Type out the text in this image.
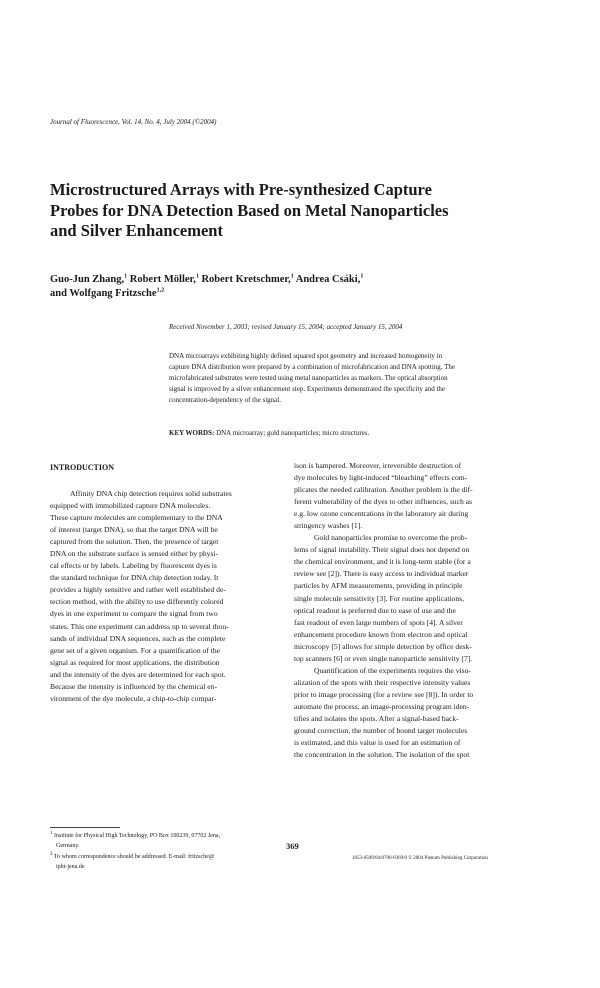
Journal of Fluorescence, Vol. 14, No. 4, July 2004 (©2004)
Microstructured Arrays with Pre-synthesized Capture
Probes for DNA Detection Based on Metal Nanoparticles
and Silver Enhancement
Guo-Jun Zhang,$^1$ Robert Möller,$^1$ Robert Kretschmer,$^1$ Andrea Csáki,$^1$
and Wolfgang Fritzsche$^{1,2}$
Received November 1, 2003; revised January 15, 2004; accepted January 15, 2004
DNA microarrays exhibiting highly defined squared spot geometry and increased homogeneity in
capture DNA distribution were prepared by a combination of microfabrication and DNA spotting. The
microfabricated substrates were tested using metal nanoparticles as markers. The optical absorption
signal is improved by a silver enhancement step. Experiments demonstrated the specificity and the
concentration-dependency of the signal.
KEY WORDS: DNA microarray; gold nanoparticles; micro structures.
INTRODUCTION
Affinity DNA chip detection requires solid substrates
equipped with immobilized capture DNA molecules.
These capture molecules are complementary to the DNA
of interest (target DNA), so that the target DNA will be
captured from the solution. Then, the presence of target
DNA on the substrate surface is sensed either by physi-
cal effects or by labels. Labeling by fluorescent dyes is
the standard technique for DNA chip detection today. It
provides a highly sensitive and rather well established de-
tection method, with the ability to use differently colored
dyes in one experiment to compare the signal from two
states. This one experiment can address up to several thou-
sands of individual DNA sequences, such as the complete
gene set of a given organism. For a quantification of the
signal as required for most applications, the distribution
and the intensity of the dyes are determined for each spot.
Because the intensity is influenced by the chemical en-
vironment of the dye molecule, a chip-to-chip compar-
ison is hampered. Moreover, irreversible destruction of
dye molecules by light-induced “bleaching” effects com-
plicates the needed calibration. Another problem is the dif-
ferent vulnerability of the dyes to other influences, such as
e.g. low ozone concentrations in the laboratory air during
stringency washes [1].
Gold nanoparticles promise to overcome the prob-
lems of signal instability. Their signal does not depend on
the chemical environment, and it is long-term stable (for a
review see [2]). There is easy access to individual marker
particles by AFM measurements, providing in principle
single molecule sensitivity [3]. For routine applications,
optical readout is preferred due to ease of use and the
fast readout of even large numbers of spots [4]. A silver
enhancement procedure known from electron and optical
microscopy [5] allows for simple detection by office desk-
top scanners [6] or even single nanoparticle sensitivity [7].
Quantification of the experiments requires the visu-
alization of the spots with their respective intensity values
prior to image processing (for a review see [8]). In order to
automate the process, an image-processing program iden-
tifies and isolates the spots. After a signal-based back-
ground correction, the number of bound target molecules
is estimated, and this value is used for an estimation of
the concentration in the solution. The isolation of the spot
$^1$ Institute for Physical High Technology, PO Box 100239, 07702 Jena,
Germany.
$^2$ To whom correspondence should be addressed. E-mail: fritzsche@
ipht-jena.de
369
1053-0509/04/0700-0369/0 © 2004 Plenum Publishing Corporation
